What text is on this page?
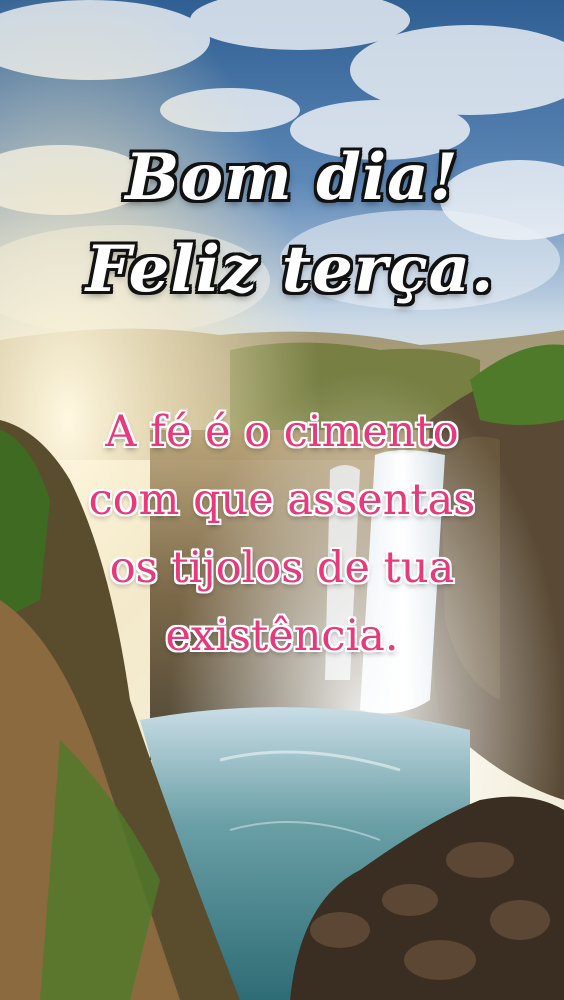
Bom dia!
Feliz terça.
A fé é o cimento
com que assentas
os tijolos de tua
existência.
